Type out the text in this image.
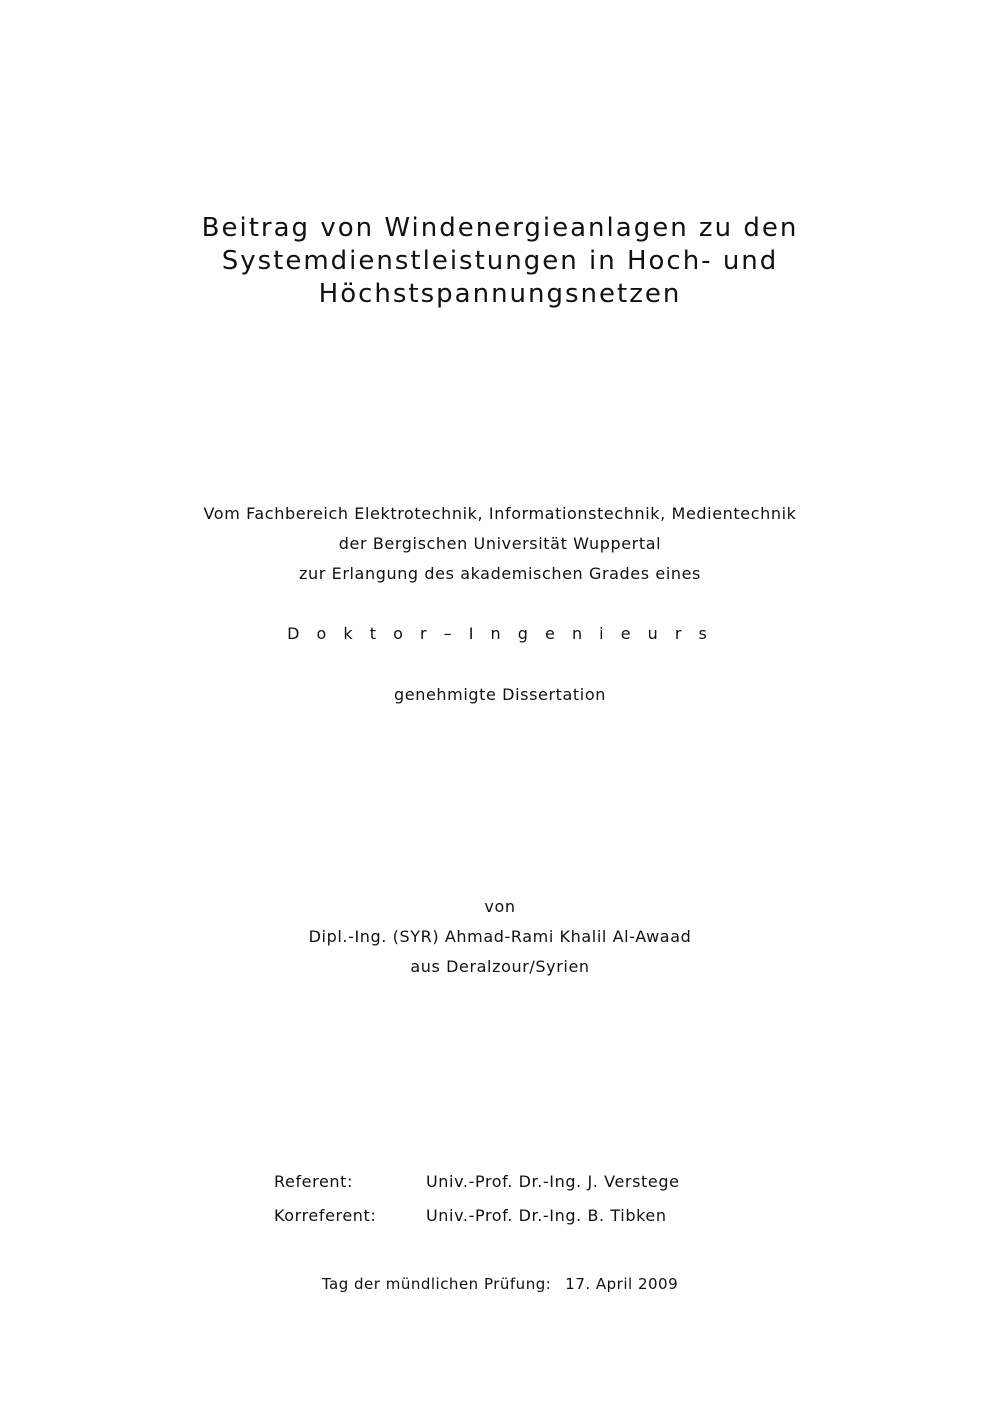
Beitrag von Windenergieanlagen zu den
Systemdienstleistungen in Hoch- und
Höchstspannungsnetzen
Vom Fachbereich Elektrotechnik, Informationstechnik, Medientechnik
der Bergischen Universität Wuppertal
zur Erlangung des akademischen Grades eines
D o k t o r – I n g e n i e u r s
genehmigte Dissertation
von
Dipl.-Ing. (SYR) Ahmad-Rami Khalil Al-Awaad
aus Deralzour/Syrien
Referent:	Univ.-Prof. Dr.-Ing. J. Verstege
Korreferent:	Univ.-Prof. Dr.-Ing. B. Tibken
Tag der mündlichen Prüfung: 17. April 2009
